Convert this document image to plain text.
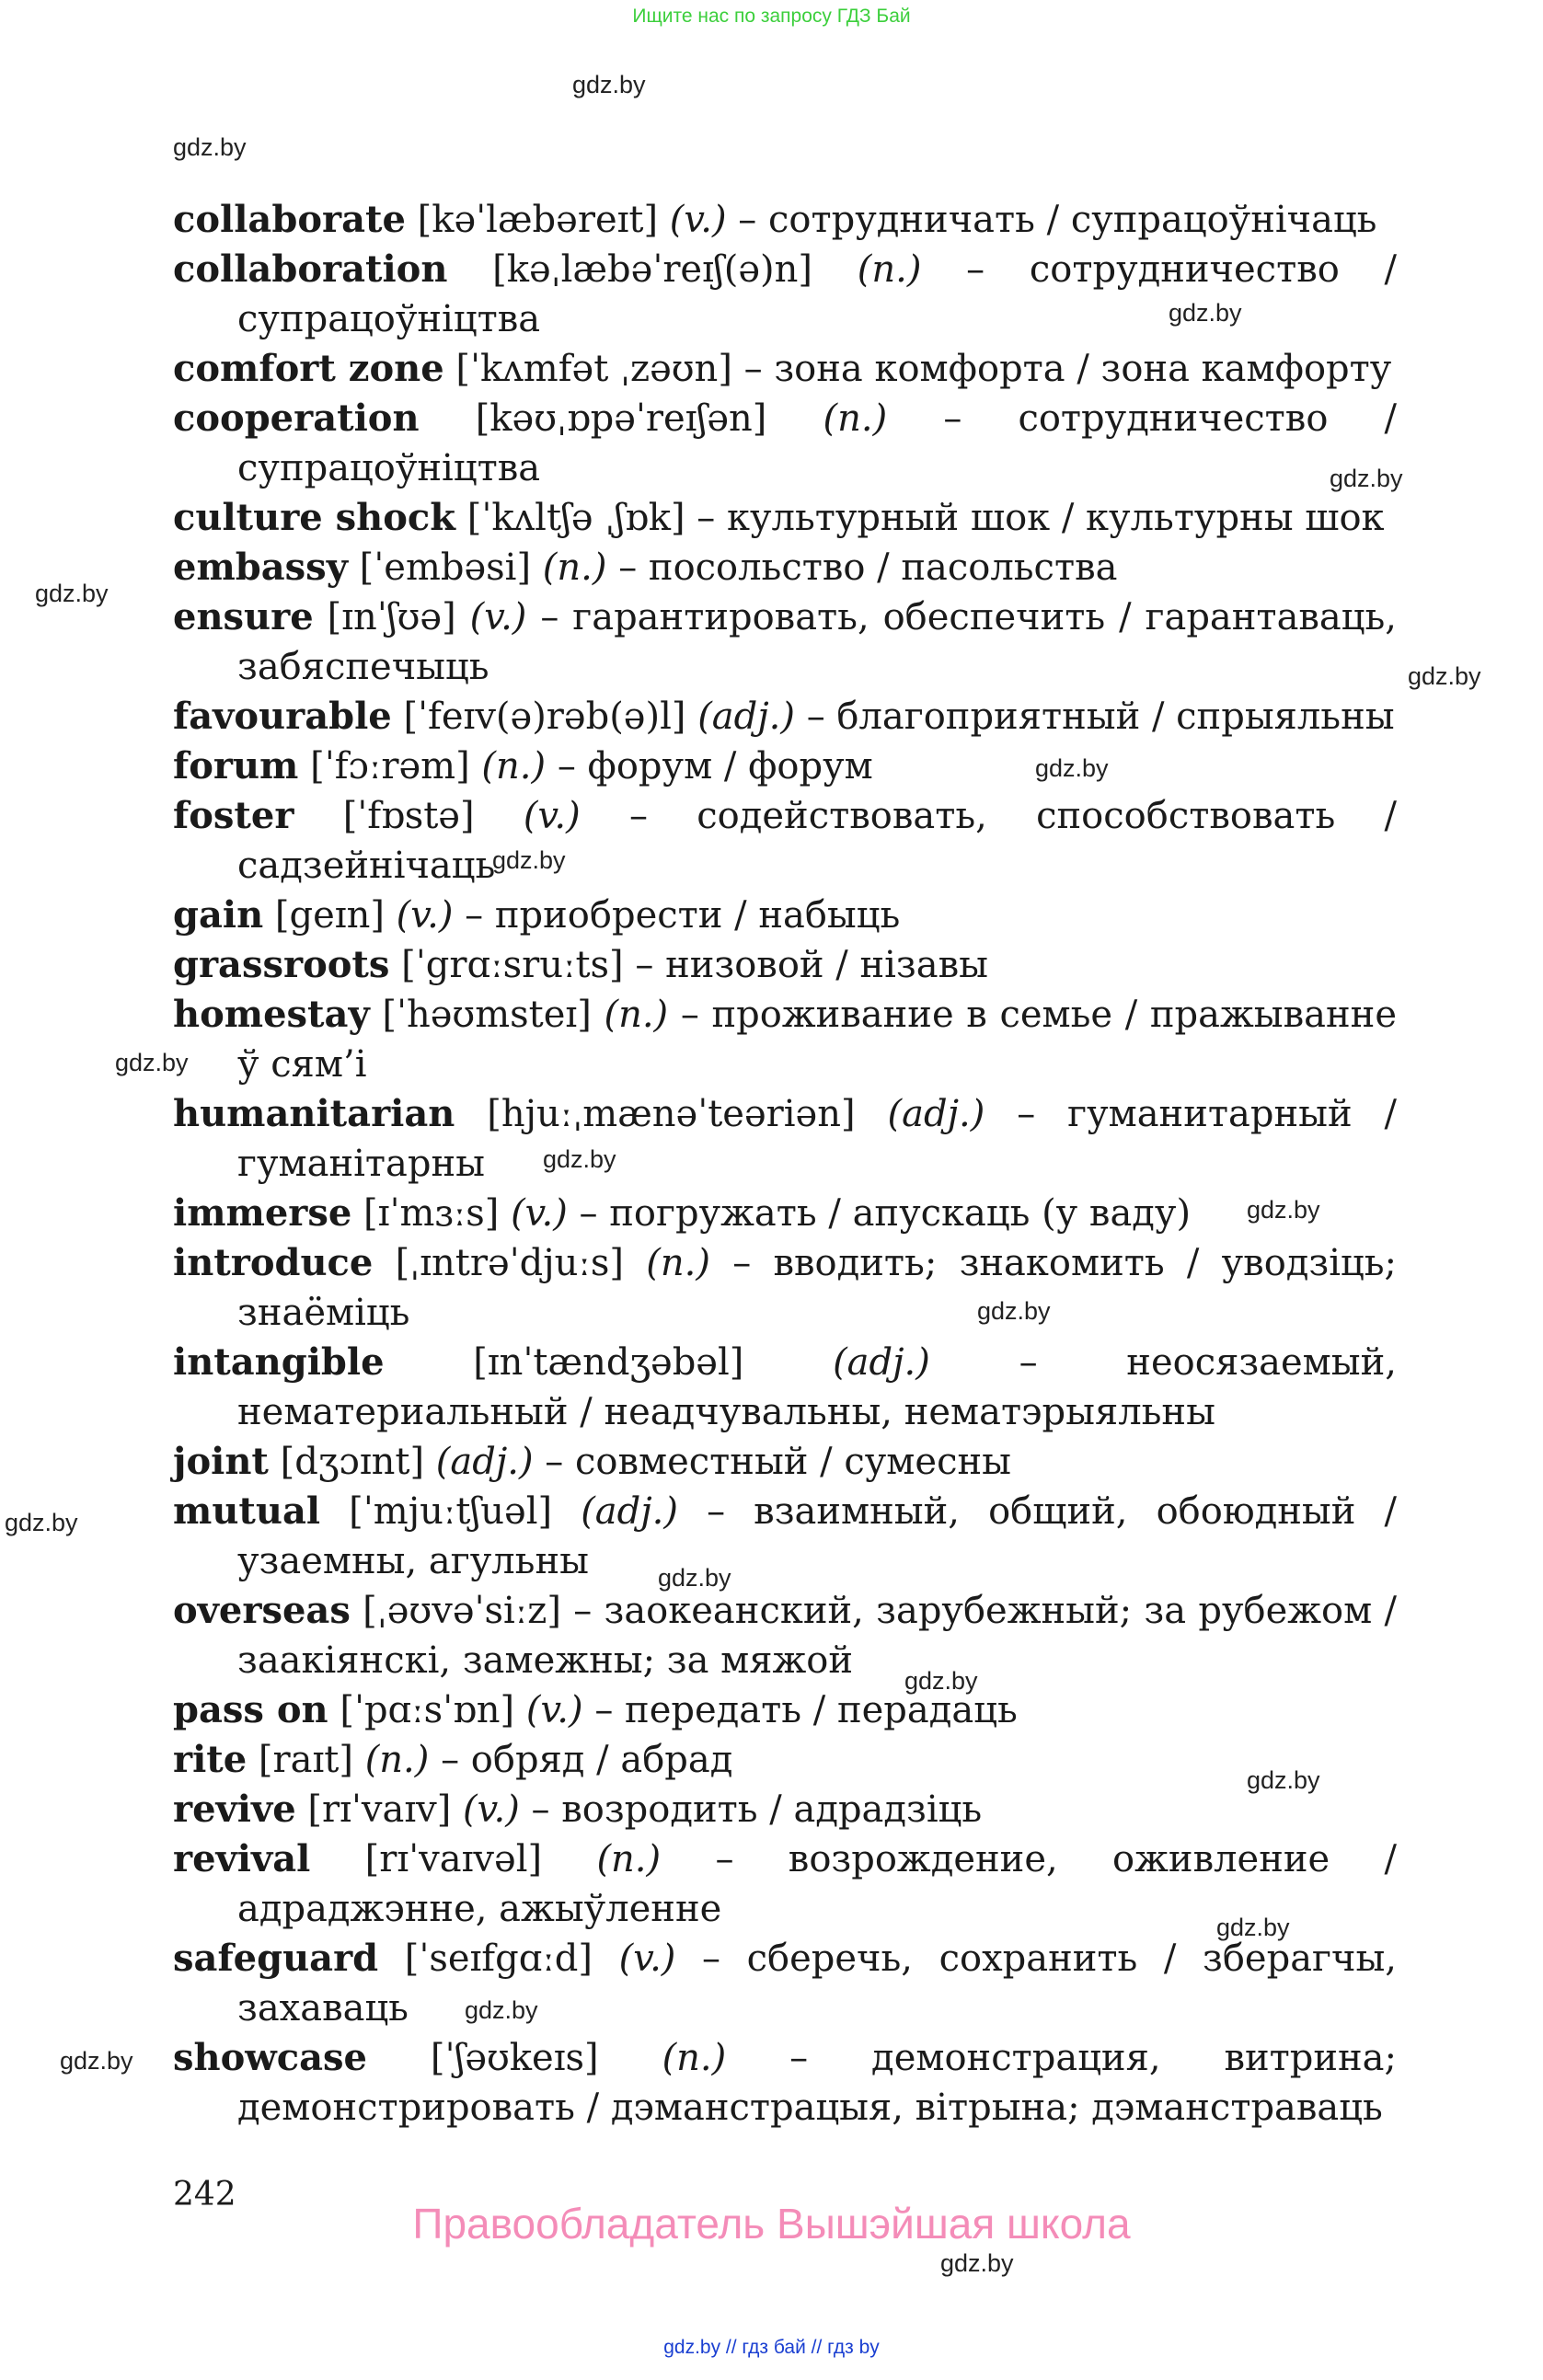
Ищите нас по запросу ГДЗ Бай
gdz.by
gdz.by
gdz.by
gdz.by
gdz.by
gdz.by
gdz.by
gdz.by
gdz.by
gdz.by
gdz.by
gdz.by
gdz.by
gdz.by
gdz.by
gdz.by
gdz.by
gdz.by
gdz.by
gdz.by
collaborate [kəˈlæbəreɪt] (v.) – сотрудничать / супрацоўнічаць
collaboration [kəˌlæbəˈreɪʃ(ə)n] (n.) – сотрудничество / супрацоўніцтва
comfort zone [ˈkʌmfət ˌzəʊn] – зона комфорта / зона камфорту
cooperation [kəʊˌɒpəˈreɪʃən] (n.) – сотрудничество / супрацоўніцтва
culture shock [ˈkʌltʃə ˌʃɒk] – культурный шок / культурны шок
embassy [ˈembəsi] (n.) – посольство / пасольства
ensure [ɪnˈʃʊə] (v.) – гарантировать, обеспечить / гарантаваць, забяспечыць
favourable [ˈfeɪv(ə)rəb(ə)l] (adj.) – благоприятный / спрыяльны
forum [ˈfɔːrəm] (n.) – форум / форум
foster [ˈfɒstə] (v.) – содействовать, способствовать / садзейнічаць
gain [geɪn] (v.) – приобрести / набыць
grassroots [ˈgrɑːsruːts] – низовой / нізавы
homestay [ˈhəʊmsteɪ] (n.) – проживание в семье / пражыванне ў сям’і
humanitarian [hjuːˌmænəˈteəriən] (adj.) – гуманитарный / гуманітарны
immerse [ɪˈmɜːs] (v.) – погружать / апускаць (у ваду)
introduce [ˌɪntrəˈdjuːs] (n.) – вводить; знакомить / уводзіць; знаёміць
intangible [ɪnˈtændʒəbəl] (adj.) – неосязаемый, нематериальный / неадчувальны, нематэрыяльны
joint [dʒɔɪnt] (adj.) – совместный / сумесны
mutual [ˈmjuːtʃuəl] (adj.) – взаимный, общий, обоюдный / узаемны, агульны
overseas [ˌəʊvəˈsiːz] – заокеанский, зарубежный; за рубежом / заакіянскі, замежны; за мяжой
pass on [ˈpɑːsˈɒn] (v.) – передать / перадаць
rite [raɪt] (n.) – обряд / абрад
revive [rɪˈvaɪv] (v.) – возродить / адрадзіць
revival [rɪˈvaɪvəl] (n.) – возрождение, оживление / адраджэнне, ажыўленне
safeguard [ˈseɪfgɑːd] (v.) – сберечь, сохранить / зберагчы, захаваць
showcase [ˈʃəʊkeɪs] (n.) – демонстрация, витрина; демонстрировать / дэманстрацыя, вітрына; дэманстраваць
242
Правообладатель Вышэйшая школа
gdz.by // гдз бай // гдз by
